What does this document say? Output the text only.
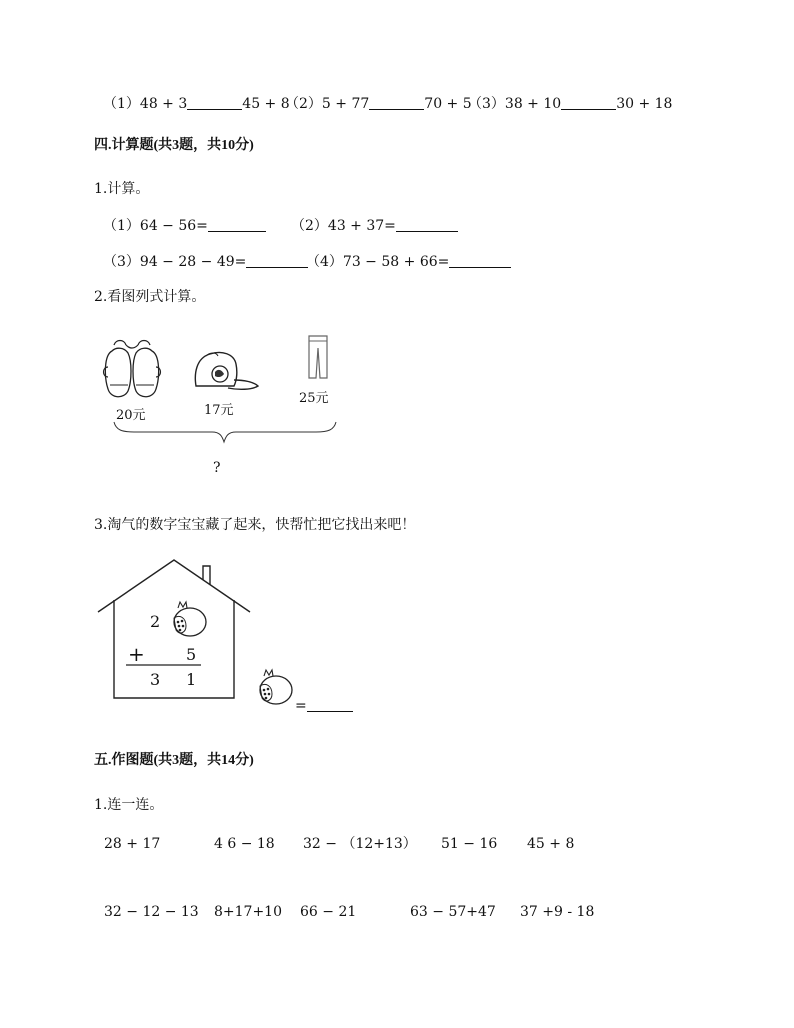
（1）48 + 3	45 + 8
（2）5 + 77	70 + 5
（3）38 + 10	30 + 18
四.计算题(共3题，共10分)
1.计算。
（1）64 − 56=	（2）43 + 37=
（3）94 − 28 − 49=	（4）73 − 58 + 66=
2.看图列式计算。
20元	17元
25元
?
3.淘气的数字宝宝藏了起来，快帮忙把它找出来吧！
2
+	5
3 1
=
五.作图题(共3题，共14分)
1.连一连。
28 + 17	4 6 − 18 32 − （12+13） 51 − 16 45 + 8
32 − 12 − 13 8+17+10 66 − 21	63 − 57+47 37 +9 - 18
